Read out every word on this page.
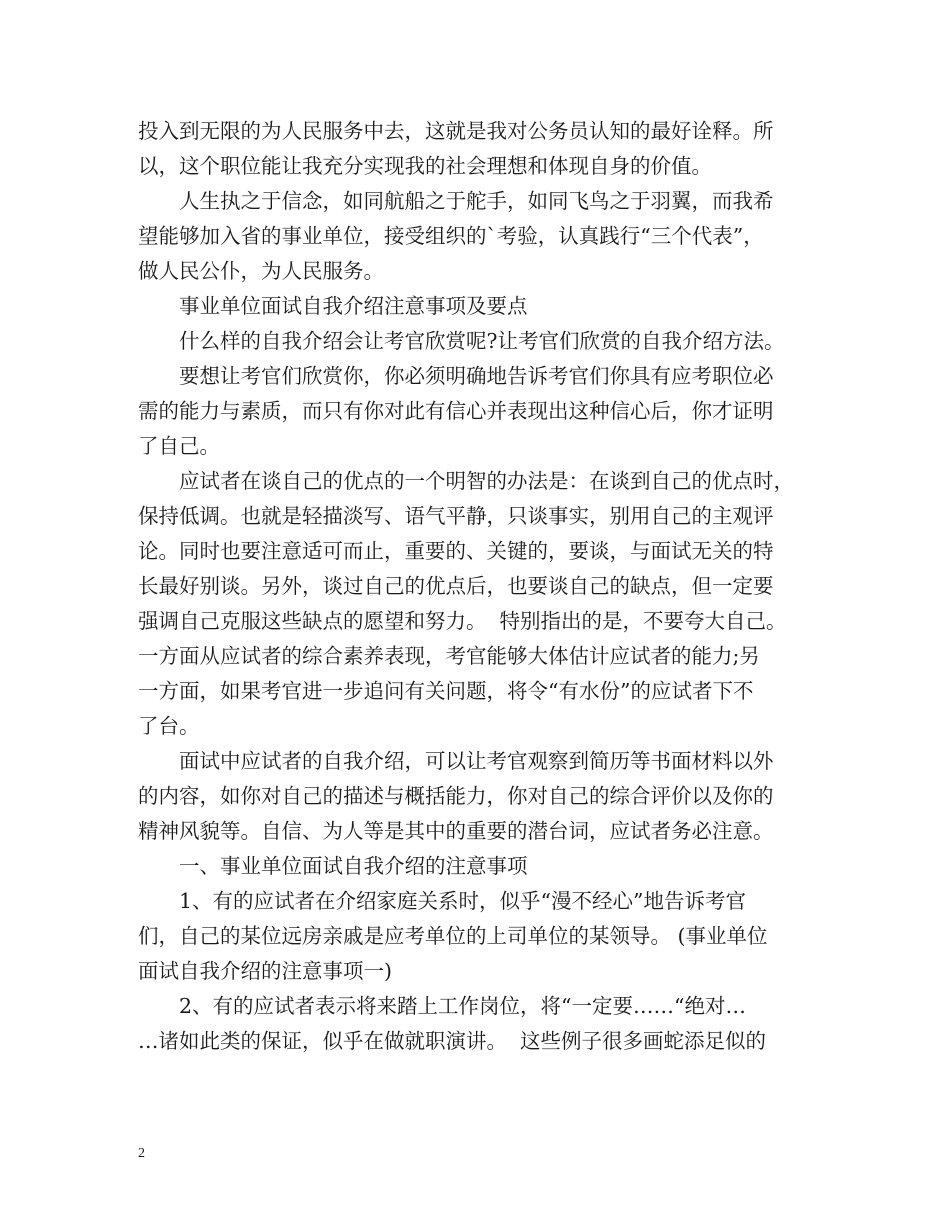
投入到无限的为人民服务中去，这就是我对公务员认知的最好诠释。所
以，这个职位能让我充分实现我的社会理想和体现自身的价值。
　　人生执之于信念，如同航船之于舵手，如同飞鸟之于羽翼，而我希
望能够加入省的事业单位，接受组织的`考验，认真践行“三个代表”，
做人民公仆，为人民服务。
　　事业单位面试自我介绍注意事项及要点
　　什么样的自我介绍会让考官欣赏呢?让考官们欣赏的自我介绍方法。
　　要想让考官们欣赏你，你必须明确地告诉考官们你具有应考职位必
需的能力与素质，而只有你对此有信心并表现出这种信心后，你才证明
了自己。
　　应试者在谈自己的优点的一个明智的办法是：在谈到自己的优点时，
保持低调。也就是轻描淡写、语气平静，只谈事实，别用自己的主观评
论。同时也要注意适可而止，重要的、关键的，要谈，与面试无关的特
长最好别谈。另外，谈过自己的优点后，也要谈自己的缺点，但一定要
强调自己克服这些缺点的愿望和努力。  特别指出的是，不要夸大自己。
一方面从应试者的综合素养表现，考官能够大体估计应试者的能力;另
一方面，如果考官进一步追问有关问题，将令“有水份”的应试者下不
了台。
　　面试中应试者的自我介绍，可以让考官观察到简历等书面材料以外
的内容，如你对自己的描述与概括能力，你对自己的综合评价以及你的
精神风貌等。自信、为人等是其中的重要的潜台词，应试者务必注意。
　　一、事业单位面试自我介绍的注意事项
　　1、有的应试者在介绍家庭关系时，似乎“漫不经心”地告诉考官
们，自己的某位远房亲戚是应考单位的上司单位的某领导。 (事业单位
面试自我介绍的注意事项一)
　　2、有的应试者表示将来踏上工作岗位，将“一定要……“绝对…
…诸如此类的保证，似乎在做就职演讲。  这些例子很多画蛇添足似的
2
